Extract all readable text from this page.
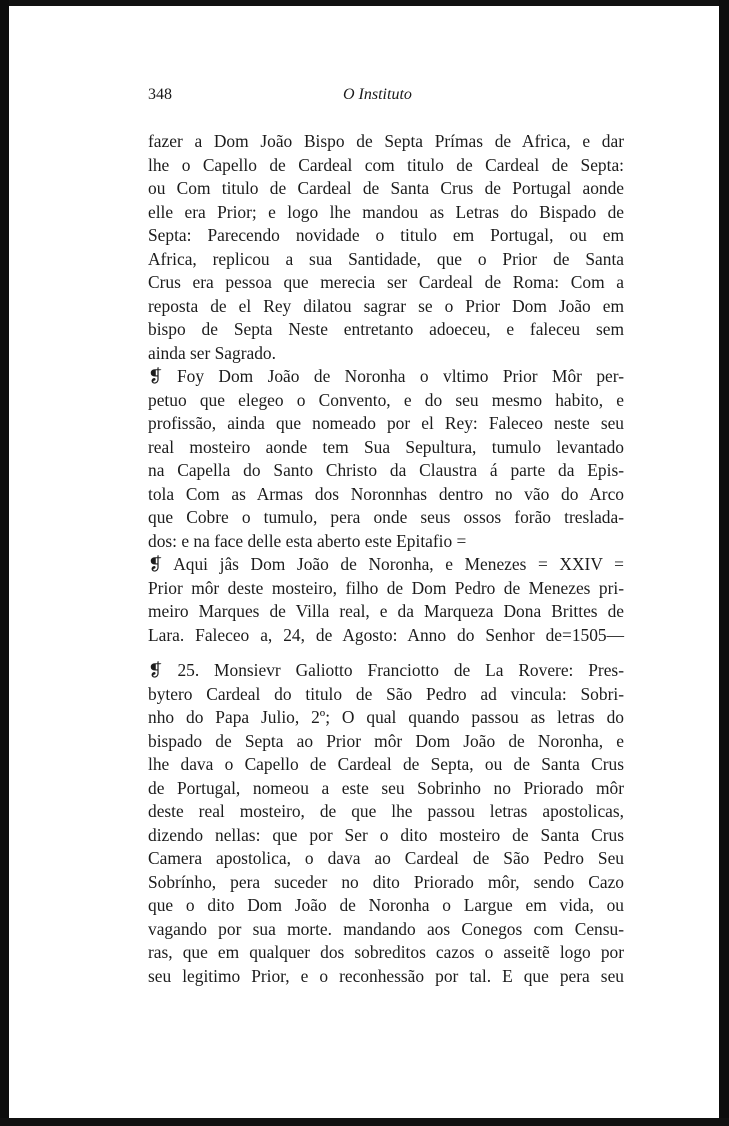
348	O Instituto
fazer a Dom João Bispo de Septa Prímas de Africa, e dar
lhe o Capello de Cardeal com titulo de Cardeal de Septa:
ou Com titulo de Cardeal de Santa Crus de Portugal aonde
elle era Prior; e logo lhe mandou as Letras do Bispado de
Septa: Parecendo novidade o titulo em Portugal, ou em
Africa, replicou a sua Santidade, que o Prior de Santa
Crus era pessoa que merecia ser Cardeal de Roma: Com a
reposta de el Rey dilatou sagrar se o Prior Dom João em
bispo de Septa Neste entretanto adoeceu, e faleceu sem
ainda ser Sagrado.
❡ Foy Dom João de Noronha o vltimo Prior Môr per-
petuo que elegeo o Convento, e do seu mesmo habito, e
profissão, ainda que nomeado por el Rey: Faleceo neste seu
real mosteiro aonde tem Sua Sepultura, tumulo levantado
na Capella do Santo Christo da Claustra á parte da Epis-
tola Com as Armas dos Noronnhas dentro no vão do Arco
que Cobre o tumulo, pera onde seus ossos forão treslada-
dos: e na face delle esta aberto este Epitafio =
❡ Aqui jâs Dom João de Noronha, e Menezes = XXIV =
Prior môr deste mosteiro, filho de Dom Pedro de Menezes pri-
meiro Marques de Villa real, e da Marqueza Dona Brittes de
Lara. Faleceo a, 24, de Agosto: Anno do Senhor de=1505—
❡ 25. Monsievr Galiotto Franciotto de La Rovere: Pres-
bytero Cardeal do titulo de São Pedro ad vincula: Sobri-
nho do Papa Julio, 2º; O qual quando passou as letras do
bispado de Septa ao Prior môr Dom João de Noronha, e
lhe dava o Capello de Cardeal de Septa, ou de Santa Crus
de Portugal, nomeou a este seu Sobrinho no Priorado môr
deste real mosteiro, de que lhe passou letras apostolicas,
dizendo nellas: que por Ser o dito mosteiro de Santa Crus
Camera apostolica, o dava ao Cardeal de São Pedro Seu
Sobrínho, pera suceder no dito Priorado môr, sendo Cazo
que o dito Dom João de Noronha o Largue em vida, ou
vagando por sua morte. mandando aos Conegos com Censu-
ras, que em qualquer dos sobreditos cazos o asseitẽ logo por
seu legitimo Prior, e o reconhessão por tal. E que pera seu
